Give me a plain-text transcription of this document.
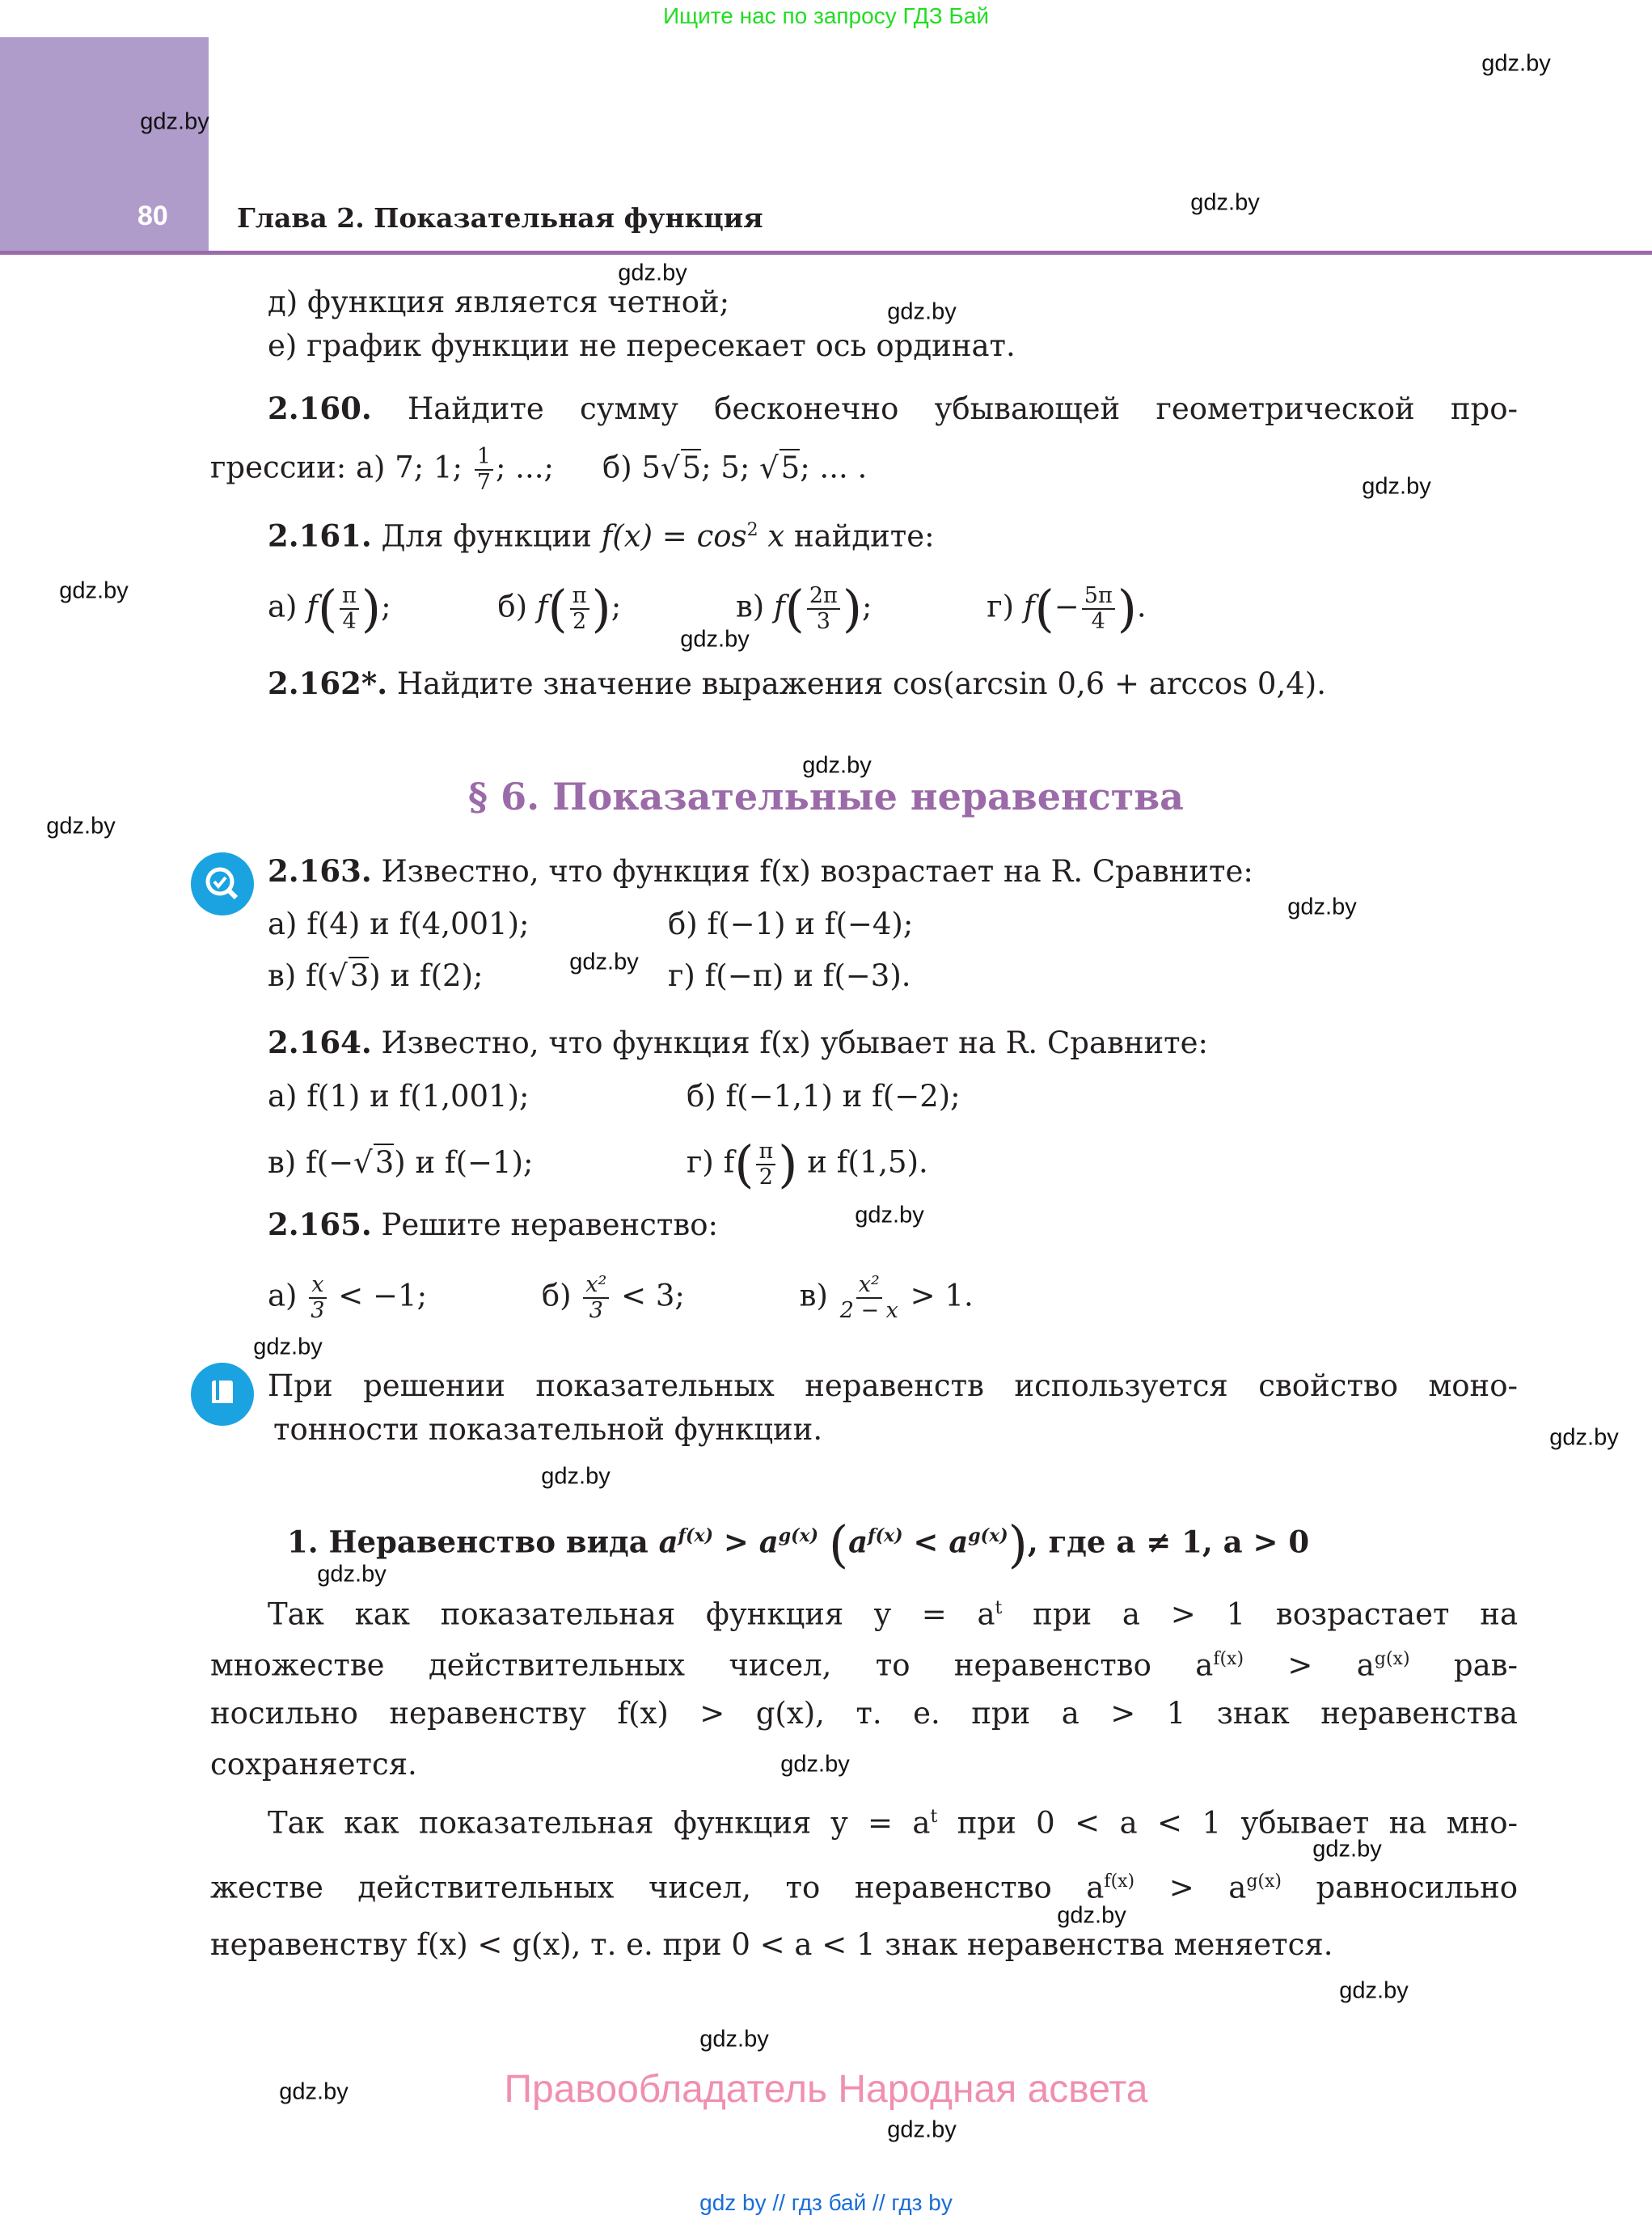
Ищите нас по запросу ГДЗ Бай
80	Глава 2. Показательная функция
д) функция является четной;
е) график функции не пересекает ось ординат.
2.160. Найдите сумму бесконечно убывающей геометрической про-
грессии: а) 7; 1; $\frac{1}{7}$ ; ...; б) 5√5; 5; √5; ... .
2.161. Для функции $f(x) = \cos^2 x$ найдите:
а) $f( \frac{\pi}{4}$ );	б) $f( \frac{\pi}{2}$ );	в) $f( \frac{2\pi}{3}$ );	г) $f(- \frac{5\pi}{4}$ ).
2.162*. Найдите значение выражения cos(arcsin 0,6 + arccos 0,4).
§ 6. Показательные неравенства
2.163. Известно, что функция f(x) возрастает на R. Сравните:
а) f(4) и f(4,001);	б) f(−1) и f(−4);
в) f(√3) и f(2);	г) f(−π) и f(−3).
2.164. Известно, что функция f(x) убывает на R. Сравните:
а) f(1) и f(1,001);	б) f(−1,1) и f(−2);
в) f(−√3) и f(−1);	г) $f( \frac{\pi}{2}$ ) и f(1,5).
2.165. Решите неравенство:
$а) \frac{x}{3} < -1$;	$б) \frac{\text{x²}}{3} < 3$;	$в) \frac{\text{x²}}{2 - x} > 1$.
При решении показательных неравенств используется свойство моно-
тонности показательной функции.
1. Неравенство вида $a^{f(x)} > a^{g(x)}$ $(a^{f(x)} < a^{g(x)})$, где a ≠ 1, a > 0
Так как показательная функция $y = a^t$ при a > 1 возрастает на
множестве действительных чисел, то неравенство $a^{f(x)} > a^{g(x)}$ рав-
носильно неравенству f(x) > g(x), т. е. при a > 1 знак неравенства
сохраняется.
Так как показательная функция $y = a^t$ при 0 < a < 1 убывает на мно-
жестве действительных чисел, то неравенство $a^{f(x)} > a^{g(x)}$ равносильно
неравенству f(x) < g(x), т. е. при 0 < a < 1 знак неравенства меняется.
Правообладатель Народная асвета
gdz by // гдз бай // гдз by
gdz.by
gdz.by
gdz.by
gdz.by
gdz.by
gdz.by
gdz.by
gdz.by
gdz.by
gdz.by
gdz.by
gdz.by
gdz.by
gdz.by
gdz.by
gdz.by
gdz.by
gdz.by
gdz.by
gdz.by
gdz.by
gdz.by
gdz.by
gdz.by
